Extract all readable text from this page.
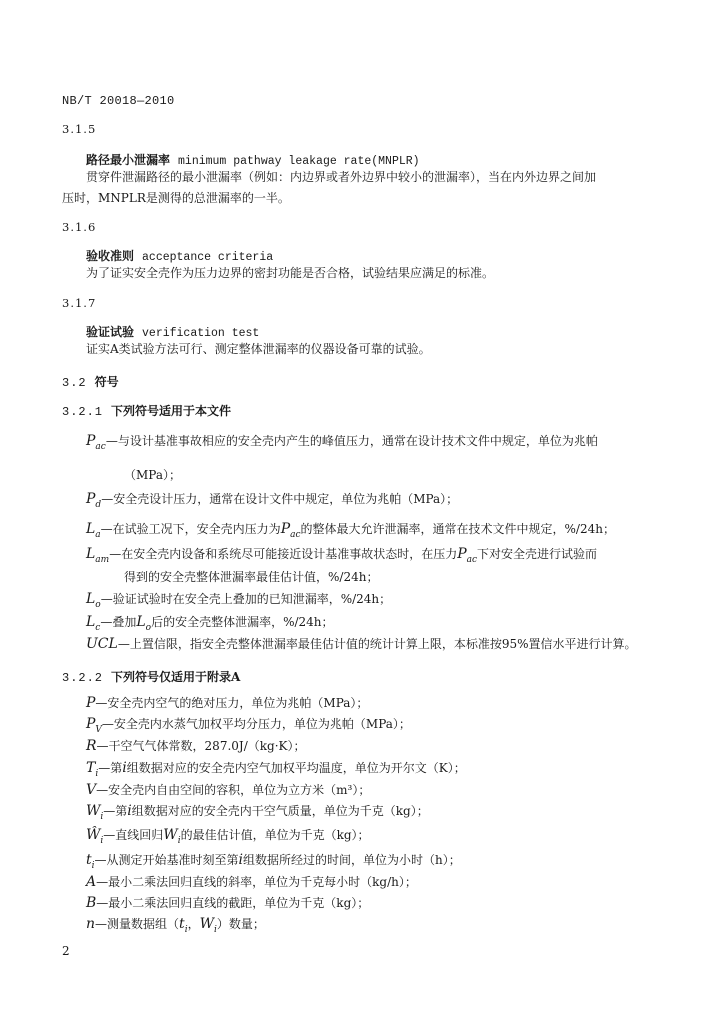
NB/T 20018—2010
3.1.5
路径最小泄漏率 minimum pathway leakage rate(MNPLR)
贯穿件泄漏路径的最小泄漏率（例如：内边界或者外边界中较小的泄漏率），当在内外边界之间加
压时，MNPLR是测得的总泄漏率的一半。
3.1.6
验收准则 acceptance criteria
为了证实安全壳作为压力边界的密封功能是否合格，试验结果应满足的标准。
3.1.7
验证试验 verification test
证实A类试验方法可行、测定整体泄漏率的仪器设备可靠的试验。
3.2 符号
3.2.1 下列符号适用于本文件
$P_{ac}—$与设计基准事故相应的安全壳内产生的峰值压力，通常在设计技术文件中规定，单位为兆帕
（MPa）；
$P_d—$安全壳设计压力，通常在设计文件中规定，单位为兆帕（MPa）；
$L_a—$在试验工况下，安全壳内压力为$P_{ac}$的整体最大允许泄漏率，通常在技术文件中规定，%/24h；
$L_{am}—$在安全壳内设备和系统尽可能接近设计基准事故状态时，在压力$P_{ac}$下对安全壳进行试验而
得到的安全壳整体泄漏率最佳估计值，%/24h；
$L_o—$验证试验时在安全壳上叠加的已知泄漏率，%/24h；
$L_c—$叠加$L_o$后的安全壳整体泄漏率，%/24h；
UCL—上置信限，指安全壳整体泄漏率最佳估计值的统计计算上限，本标准按95%置信水平进行计算。
3.2.2 下列符号仅适用于附录A
P—安全壳内空气的绝对压力，单位为兆帕（MPa）；
$P_V—$安全壳内水蒸气加权平均分压力，单位为兆帕（MPa）；
R—干空气气体常数，287.0J/（kg·K）；
$T_i—$第i组数据对应的安全壳内空气加权平均温度，单位为开尔文（K）；
V—安全壳内自由空间的容积，单位为立方米（m³）；
$W_i—$第i组数据对应的安全壳内干空气质量，单位为千克（kg）；
$Ŵ_i—$直线回归$W_i$的最佳估计值，单位为千克（kg）；
$t_i—$从测定开始基准时刻至第i组数据所经过的时间，单位为小时（h）；
A—最小二乘法回归直线的斜率，单位为千克每小时（kg/h）；
B—最小二乘法回归直线的截距，单位为千克（kg）；
n—测量数据组（$t_i$，$W_i$）数量；
2
